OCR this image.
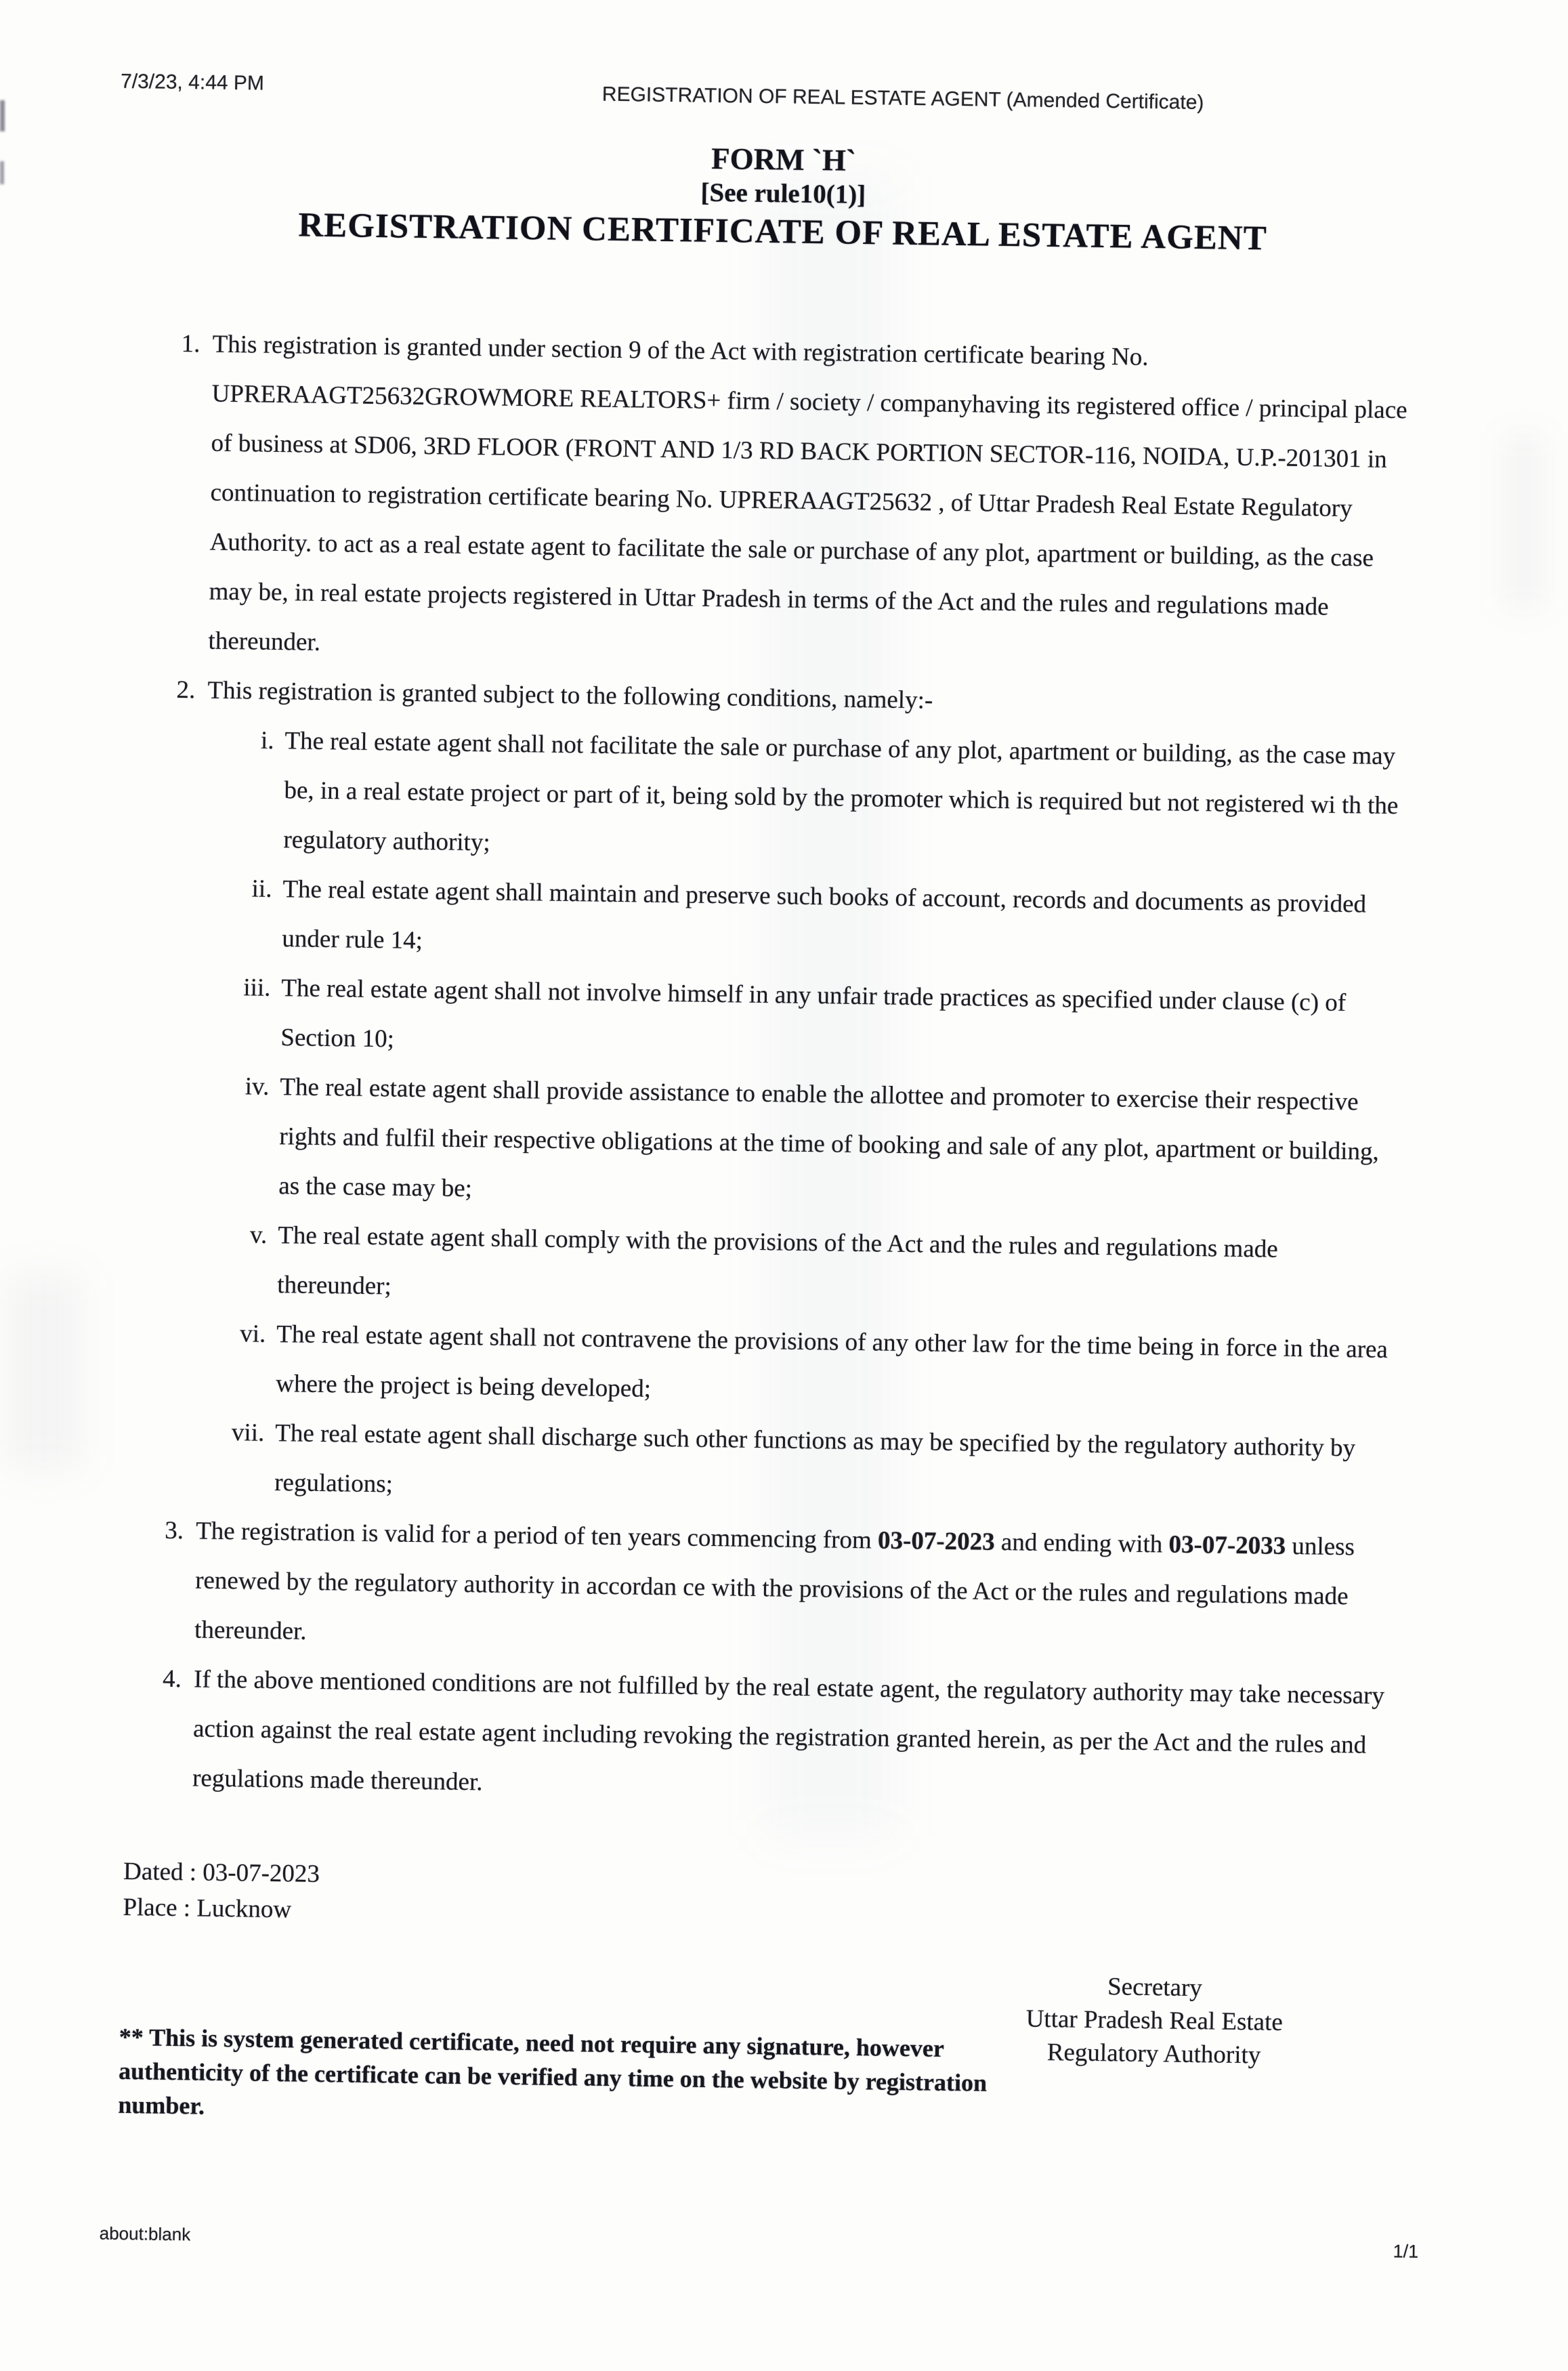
7/3/23, 4:44 PM
REGISTRATION OF REAL ESTATE AGENT (Amended Certificate)
FORM `H`
[See rule10(1)]
REGISTRATION CERTIFICATE OF REAL ESTATE AGENT
1. This registration is granted under section 9 of the Act with registration certificate bearing No. UPRERAAGT25632GROWMORE REALTORS+ firm / society / companyhaving its registered office / principal place of business at SD06, 3RD FLOOR (FRONT AND 1/3 RD BACK PORTION SECTOR-116, NOIDA, U.P.-201301 in continuation to registration certificate bearing No. UPRERAAGT25632 , of Uttar Pradesh Real Estate Regulatory Authority. to act as a real estate agent to facilitate the sale or purchase of any plot, apartment or building, as the case may be, in real estate projects registered in Uttar Pradesh in terms of the Act and the rules and regulations made thereunder.
2. This registration is granted subject to the following conditions, namely:-
i. The real estate agent shall not facilitate the sale or purchase of any plot, apartment or building, as the case may be, in a real estate project or part of it, being sold by the promoter which is required but not registered wi th the regulatory authority;
ii. The real estate agent shall maintain and preserve such books of account, records and documents as provided under rule 14;
iii. The real estate agent shall not involve himself in any unfair trade practices as specified under clause (c) of Section 10;
iv. The real estate agent shall provide assistance to enable the allottee and promoter to exercise their respective rights and fulfil their respective obligations at the time of booking and sale of any plot, apartment or building, as the case may be;
v. The real estate agent shall comply with the provisions of the Act and the rules and regulations made thereunder;
vi. The real estate agent shall not contravene the provisions of any other law for the time being in force in the area where the project is being developed;
vii. The real estate agent shall discharge such other functions as may be specified by the regulatory authority by regulations;
3. The registration is valid for a period of ten years commencing from 03-07-2023 and ending with 03-07-2033 unless renewed by the regulatory authority in accordan ce with the provisions of the Act or the rules and regulations made thereunder.
4. If the above mentioned conditions are not fulfilled by the real estate agent, the regulatory authority may take necessary action against the real estate agent including revoking the registration granted herein, as per the Act and the rules and regulations made thereunder.
Dated : 03-07-2023
Place : Lucknow
Secretary
Uttar Pradesh Real Estate
Regulatory Authority
** This is system generated certificate, need not require any signature, however authenticity of the certificate can be verified any time on the website by registration number.
about:blank
1/1
